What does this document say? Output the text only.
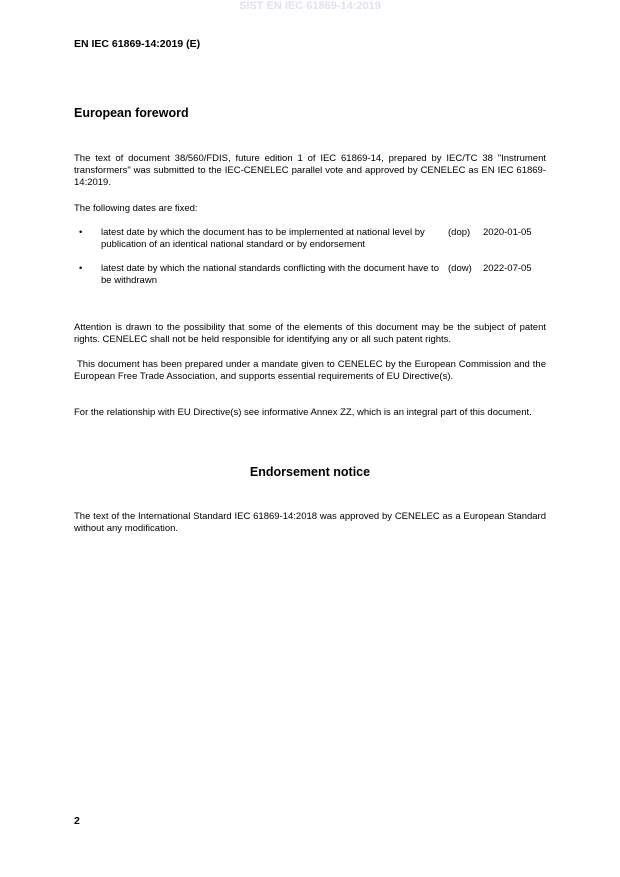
SIST EN IEC 61869-14:2019
EN IEC 61869-14:2019 (E)
European foreword

The text of document 38/560/FDIS, future edition 1 of IEC 61869-14, prepared by IEC/TC 38 "Instrument transformers" was submitted to the IEC-CENELEC parallel vote and approved by CENELEC as EN IEC 61869-14:2019.

The following dates are fixed:

• latest date by which the document has to be implemented at national level by publication of an identical national standard or by endorsement
(dop) 2020-01-05
• latest date by which the national standards conflicting with the document have to be withdrawn
(dow) 2022-07-05

Attention is drawn to the possibility that some of the elements of this document may be the subject of patent rights. CENELEC shall not be held responsible for identifying any or all such patent rights.

This document has been prepared under a mandate given to CENELEC by the European Commission and the European Free Trade Association, and supports essential requirements of EU Directive(s).

For the relationship with EU Directive(s) see informative Annex ZZ, which is an integral part of this document.

Endorsement notice

The text of the International Standard IEC 61869-14:2018 was approved by CENELEC as a European Standard without any modification.

2
